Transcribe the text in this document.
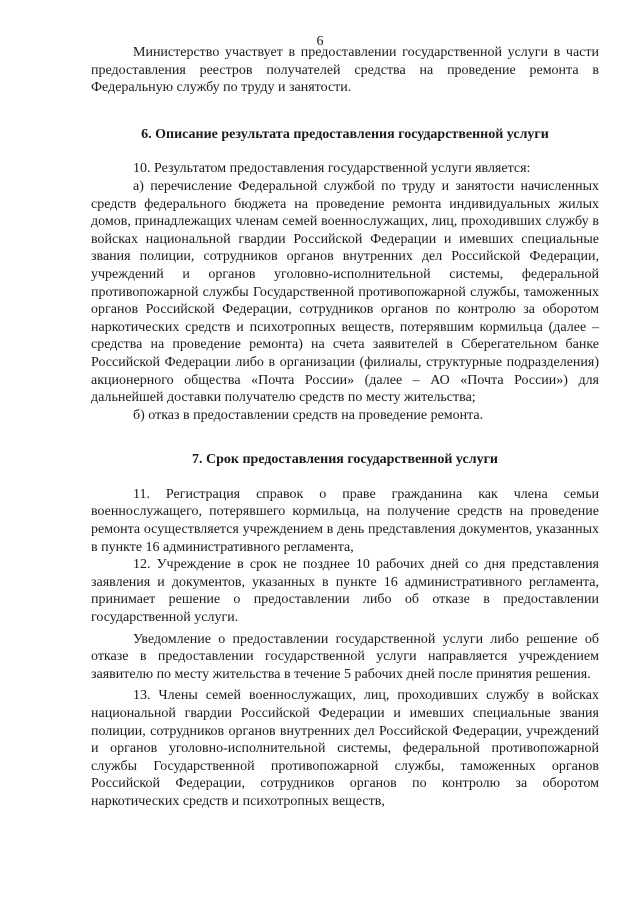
6

Министерство участвует в предоставлении государственной услуги в части предоставления реестров получателей средства на проведение ремонта в Федеральную службу по труду и занятости.

6. Описание результата предоставления государственной услуги

10. Результатом предоставления государственной услуги является:

а) перечисление Федеральной службой по труду и занятости начисленных средств федерального бюджета на проведение ремонта индивидуальных жилых домов, принадлежащих членам семей военнослужащих, лиц, проходивших службу в войсках национальной гвардии Российской Федерации и имевших специальные звания полиции, сотрудников органов внутренних дел Российской Федерации, учреждений и органов уголовно-исполнительной системы, федеральной противопожарной службы Государственной противопожарной службы, таможенных органов Российской Федерации, сотрудников органов по контролю за оборотом наркотических средств и психотропных веществ, потерявшим кормильца (далее – средства на проведение ремонта) на счета заявителей в Сберегательном банке Российской Федерации либо в организации (филиалы, структурные подразделения) акционерного общества «Почта России» (далее – АО «Почта России») для дальнейшей доставки получателю средств по месту жительства;

б) отказ в предоставлении средств на проведение ремонта.

7. Срок предоставления государственной услуги

11. Регистрация справок о праве гражданина как члена семьи военнослужащего, потерявшего кормильца, на получение средств на проведение ремонта осуществляется учреждением в день представления документов, указанных в пункте 16 административного регламента,

12. Учреждение в срок не позднее 10 рабочих дней со дня представления заявления и документов, указанных в пункте 16 административного регламента, принимает решение о предоставлении либо об отказе в предоставлении государственной услуги.

Уведомление о предоставлении государственной услуги либо решение об отказе в предоставлении государственной услуги направляется учреждением заявителю по месту жительства в течение 5 рабочих дней после принятия решения.

13. Члены семей военнослужащих, лиц, проходивших службу в войсках национальной гвардии Российской Федерации и имевших специальные звания полиции, сотрудников органов внутренних дел Российской Федерации, учреждений и органов уголовно-исполнительной системы, федеральной противопожарной службы Государственной противопожарной службы, таможенных органов Российской Федерации, сотрудников органов по контролю за оборотом наркотических средств и психотропных веществ,
